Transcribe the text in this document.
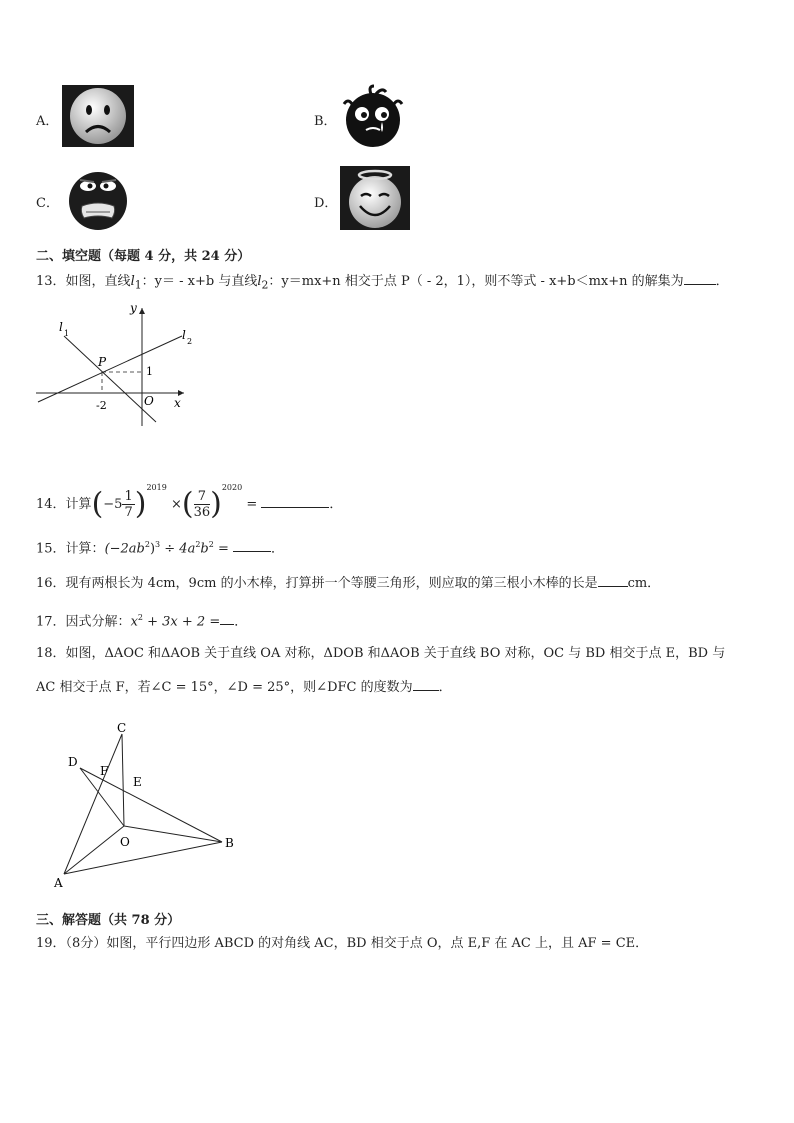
A．	B．
C．	D．
二、填空题（每题 4 分，共 24 分）
13．如图，直线$l_1$：y＝ - x+b 与直线$l_2$：y＝mx+n 相交于点 P（ - 2，1），则不等式 - x+b＜mx+n 的解集为 ．
y
x
l 1	l 2
P
1
-2	O
14．计算$(-5 \frac{1}{7} )^{2019}$ ×( $\frac{7}{36} )^{2020}$ =	．
15．计算：$(-2ab^2)^3 \div 4a^2b^2$ =	．
16．现有两根长为 4cm，9cm 的小木棒，打算拼一个等腰三角形，则应取的第三根小木棒的长是 cm．
17．因式分解：$x^2 + 3x + 2$ = ．
18．如图，ΔAOC 和ΔAOB 关于直线 OA 对称，ΔDOB 和ΔAOB 关于直线 BO 对称，OC 与 BD 相交于点 E，BD 与
AC 相交于点 F，若∠C = 15°，∠D = 25°，则∠DFC 的度数为 ．
C
D
F
E
O	B
A
三、解答题（共 78 分）
19．（8分）如图，平行四边形 ABCD 的对角线 AC，BD 相交于点 O，点 E,F 在 AC 上，且 AF = CE．
